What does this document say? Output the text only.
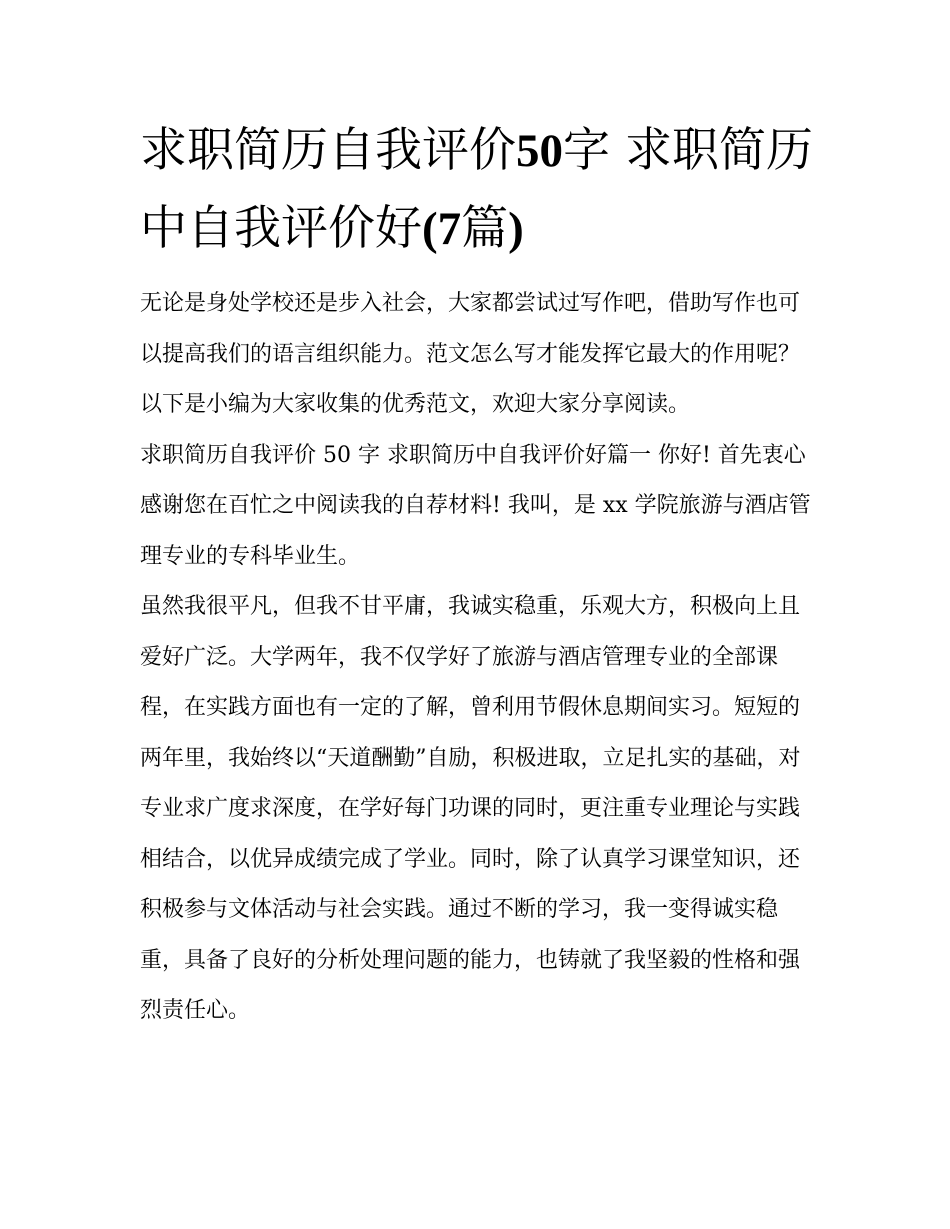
求职简历自我评价50字 求职简历中自我评价好(7篇)

无论是身处学校还是步入社会，大家都尝试过写作吧，借助写作也可以提高我们的语言组织能力。范文怎么写才能发挥它最大的作用呢？以下是小编为大家收集的优秀范文，欢迎大家分享阅读。

求职简历自我评价 50 字 求职简历中自我评价好篇一 你好! 首先衷心感谢您在百忙之中阅读我的自荐材料! 我叫，是 xx 学院旅游与酒店管理专业的专科毕业生。

虽然我很平凡，但我不甘平庸，我诚实稳重，乐观大方，积极向上且爱好广泛。大学两年，我不仅学好了旅游与酒店管理专业的全部课程，在实践方面也有一定的了解，曾利用节假休息期间实习。短短的两年里，我始终以“天道酬勤”自励，积极进取，立足扎实的基础，对专业求广度求深度，在学好每门功课的同时，更注重专业理论与实践相结合，以优异成绩完成了学业。同时，除了认真学习课堂知识，还积极参与文体活动与社会实践。通过不断的学习，我一变得诚实稳重，具备了良好的分析处理问题的能力，也铸就了我坚毅的性格和强烈责任心。
